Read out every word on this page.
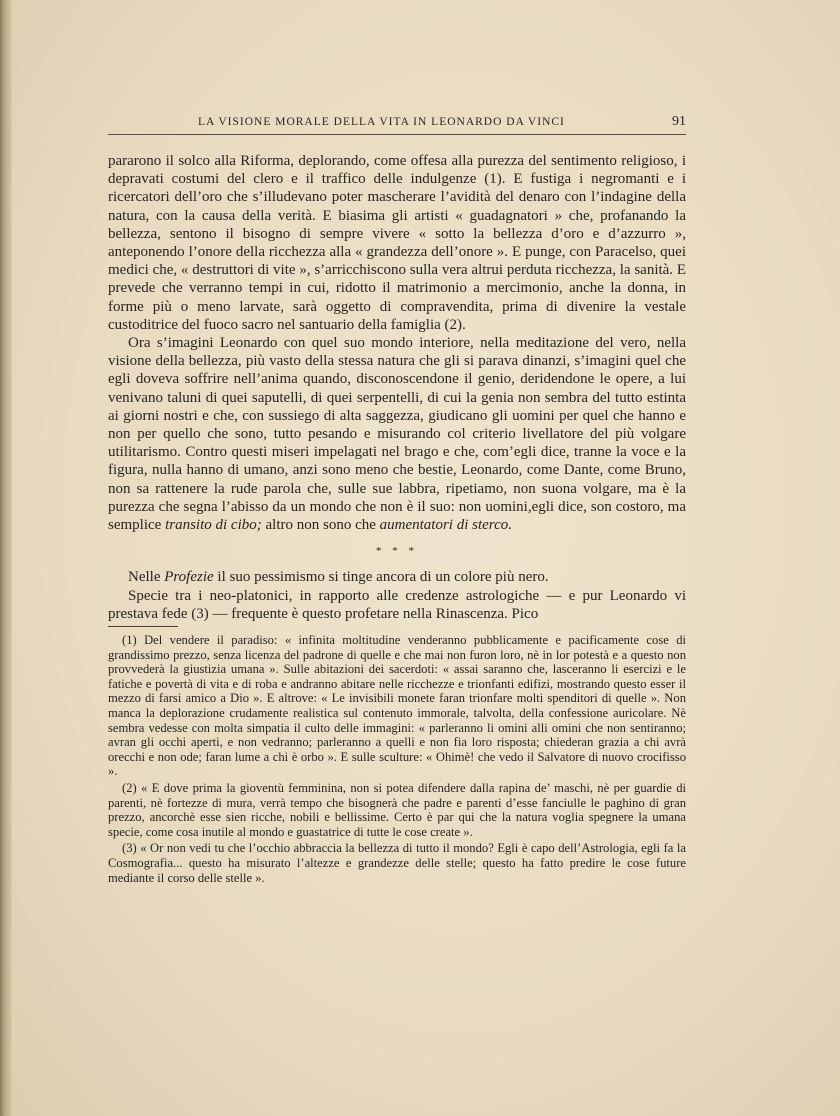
LA VISIONE MORALE DELLA VITA IN LEONARDO DA VINCI	91

pararono il solco alla Riforma, deplorando, come offesa alla purezza del sentimento religioso, i depravati costumi del clero e il traffico delle indulgenze (1). E fustiga i negromanti e i ricercatori dell’oro che s’illudevano poter mascherare l’avidità del denaro con l’indagine della natura, con la causa della verità. E biasima gli artisti « guadagnatori » che, profanando la bellezza, sentono il bisogno di sempre vivere « sotto la bellezza d’oro e d’azzurro », anteponendo l’onore della ricchezza alla « grandezza dell’onore ». E punge, con Paracelso, quei medici che, « destruttori di vite », s’arricchiscono sulla vera altrui perduta ricchezza, la sanità. E prevede che verranno tempi in cui, ridotto il matrimonio a mercimonio, anche la donna, in forme più o meno larvate, sarà oggetto di compravendita, prima di divenire la vestale custoditrice del fuoco sacro nel santuario della famiglia (2).

Ora s’imagini Leonardo con quel suo mondo interiore, nella meditazione del vero, nella visione della bellezza, più vasto della stessa natura che gli si parava dinanzi, s’imagini quel che egli doveva soffrire nell’anima quando, disconoscendone il genio, deridendone le opere, a lui venivano taluni di quei saputelli, di quei serpentelli, di cui la genia non sembra del tutto estinta ai giorni nostri e che, con sussiego di alta saggezza, giudicano gli uomini per quel che hanno e non per quello che sono, tutto pesando e misurando col criterio livellatore del più volgare utilitarismo. Contro questi miseri impelagati nel brago e che, com’egli dice, tranne la voce e la figura, nulla hanno di umano, anzi sono meno che bestie, Leonardo, come Dante, come Bruno, non sa rattenere la rude parola che, sulle sue labbra, ripetiamo, non suona volgare, ma è la purezza che segna l’abisso da un mondo che non è il suo: non uomini,egli dice, son costoro, ma semplice transito di cibo; altro non sono che aumentatori di sterco.

* * *

Nelle Profezie il suo pessimismo si tinge ancora di un colore più nero.

Specie tra i neo-platonici, in rapporto alle credenze astrologiche — e pur Leonardo vi prestava fede (3) — frequente è questo profetare nella Rinascenza. Pico

(1) Del vendere il paradiso: « infinita moltitudine venderanno pubblicamente e pacificamente cose di grandissimo prezzo, senza licenza del padrone di quelle e che mai non furon loro, nè in lor potestà e a questo non provvederà la giustizia umana ». Sulle abitazioni dei sacerdoti: « assai saranno che, lasceranno li esercizi e le fatiche e povertà di vita e di roba e andranno abitare nelle ricchezze e trionfanti edifizi, mostrando questo esser il mezzo di farsi amico a Dio ». E altrove: « Le invisibili monete faran trionfare molti spenditori di quelle ». Non manca la deplorazione crudamente realistica sul contenuto immorale, talvolta, della confessione auricolare. Nè sembra vedesse con molta simpatia il culto delle immagini: « parleranno li omini alli omini che non sentiranno; avran gli occhi aperti, e non vedranno; parleranno a quelli e non fia loro risposta; chiederan grazia a chi avrà orecchi e non ode; faran lume a chi è orbo ». E sulle sculture: « Ohimè! che vedo il Salvatore di nuovo crocifisso ».

(2) « E dove prima la gioventù femminina, non si potea difendere dalla rapina de’ maschi, nè per guardie di parenti, nè fortezze di mura, verrà tempo che bisognerà che padre e parenti d’esse fanciulle le paghino di gran prezzo, ancorchè esse sien ricche, nobili e bellissime. Certo è par qui che la natura voglia spegnere la umana specie, come cosa inutile al mondo e guastatrice di tutte le cose create ».

(3) « Or non vedi tu che l’occhio abbraccia la bellezza di tutto il mondo? Egli è capo dell’Astrologia, egli fa la Cosmografia... questo ha misurato l’altezze e grandezze delle stelle; questo ha fatto predire le cose future mediante il corso delle stelle ».
